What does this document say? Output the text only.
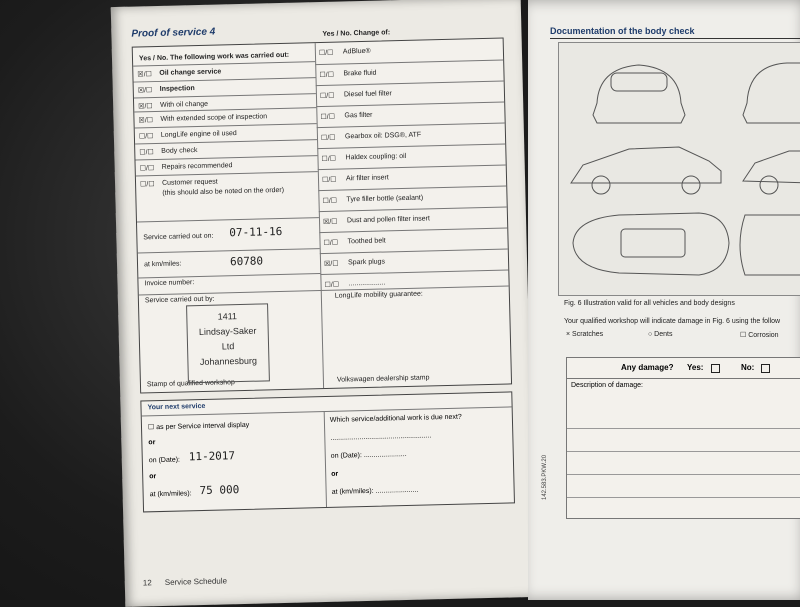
Proof of service 4
Yes / No. The following work was carried out:
Yes / No. Change of:
☒/☐ Oil change service
☒/☐ Inspection
☒/☐ With oil change
☒/☐ With extended scope of inspection
☐/☐ LongLife engine oil used
☐/☐ Body check
☐/☐ Repairs recommended
☐/☐ Customer request
(this should also be noted on the order)
☐/☐ AdBlue®
☐/☐ Brake fluid
☐/☐ Diesel fuel filter
☐/☐ Gas filter
☐/☐ Gearbox oil: DSG®, ATF
☐/☐ Haldex coupling: oil
☐/☐ Air filter insert
☐/☐ Tyre filler bottle (sealant)
☒/☐ Dust and pollen filter insert
☐/☐ Toothed belt
☒/☐ Spark plugs
☐/☐ ...................
Service carried out on: 07-11-16
at km/miles:	60780
Invoice number:
Service carried out by:
LongLife mobility guarantee:
Stamp of qualified workshop
Volkswagen dealership stamp
1411
Lindsay-Saker
Ltd
Johannesburg
Your next service
☐ as per Service interval display
or
on (Date): 11-2017
or
at (km/miles): 75 000
Which service/additional work is due next?
....................................................
on (Date): ......................
or
at (km/miles): ......................
12 Service Schedule
Documentation of the body check
Fig. 6 Illustration valid for all vehicles and body designs
Your qualified workshop will indicate damage in Fig. 6 using the follow
× Scratches	○ Dents	☐ Corrosion
Any damage? Yes:	No:
Description of damage:
142.583.PKW.20
